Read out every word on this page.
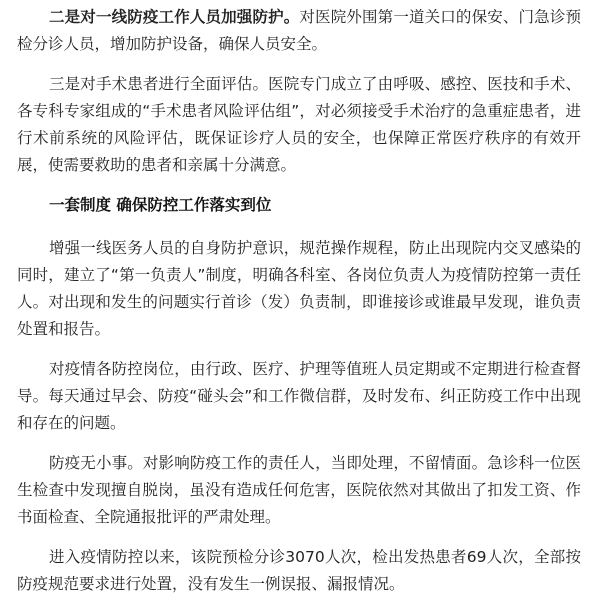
二是对一线防疫工作人员加强防护。对医院外围第一道关口的保安、门急诊预检分诊人员，增加防护设备，确保人员安全。

三是对手术患者进行全面评估。医院专门成立了由呼吸、感控、医技和手术、各专科专家组成的“手术患者风险评估组”，对必须接受手术治疗的急重症患者，进行术前系统的风险评估，既保证诊疗人员的安全，也保障正常医疗秩序的有效开展，使需要救助的患者和亲属十分满意。

一套制度 确保防控工作落实到位

增强一线医务人员的自身防护意识，规范操作规程，防止出现院内交叉感染的同时，建立了“第一负责人”制度，明确各科室、各岗位负责人为疫情防控第一责任人。对出现和发生的问题实行首诊（发）负责制，即谁接诊或谁最早发现，谁负责处置和报告。

对疫情各防控岗位，由行政、医疗、护理等值班人员定期或不定期进行检查督导。每天通过早会、防疫“碰头会”和工作微信群，及时发布、纠正防疫工作中出现和存在的问题。

防疫无小事。对影响防疫工作的责任人，当即处理，不留情面。急诊科一位医生检查中发现擅自脱岗，虽没有造成任何危害，医院依然对其做出了扣发工资、作书面检查、全院通报批评的严肃处理。

进入疫情防控以来，该院预检分诊3070人次，检出发热患者69人次，全部按防疫规范要求进行处置，没有发生一例误报、漏报情况。
